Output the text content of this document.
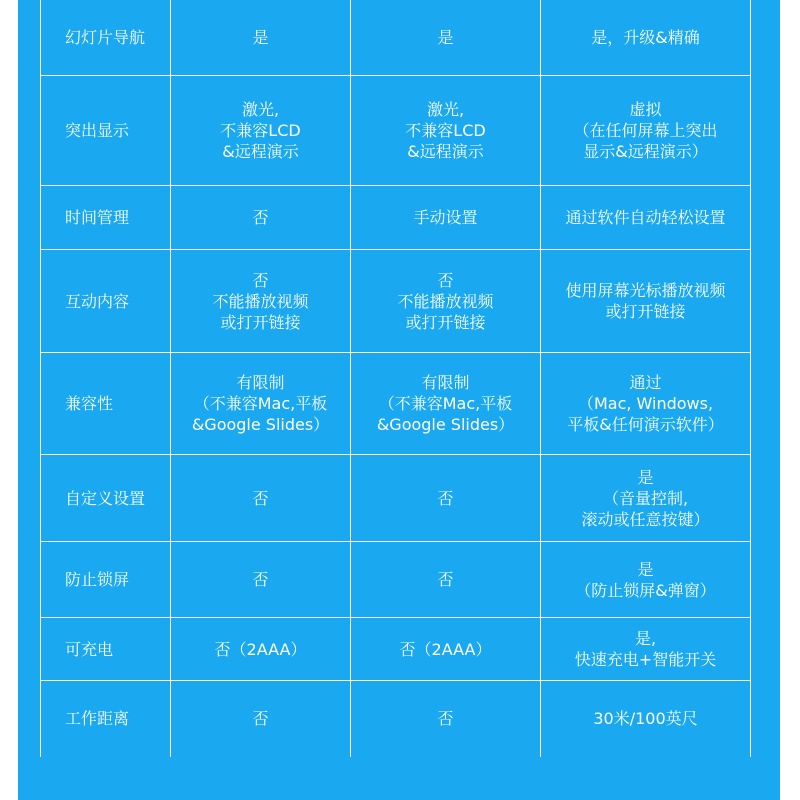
幻灯片导航	是	是	是，升级&精确
突出显示	激光,
不兼容LCD
&远程演示	激光,
不兼容LCD
&远程演示	虚拟
（在任何屏幕上突出
显示&远程演示）
时间管理	否	手动设置	通过软件自动轻松设置
互动内容	否
不能播放视频
或打开链接	否
不能播放视频
或打开链接	使用屏幕光标播放视频
或打开链接
兼容性	有限制
（不兼容Mac,平板
&Google Slides）	有限制
（不兼容Mac,平板
&Google Slides）	通过
（Mac, Windows,
平板&任何演示软件）
自定义设置	否	否	是
（音量控制,
滚动或任意按键）
防止锁屏	否	否	是
（防止锁屏&弹窗）
可充电	否（2AAA）	否（2AAA）	是,
快速充电+智能开关
工作距离	否	否	30米/100英尺
